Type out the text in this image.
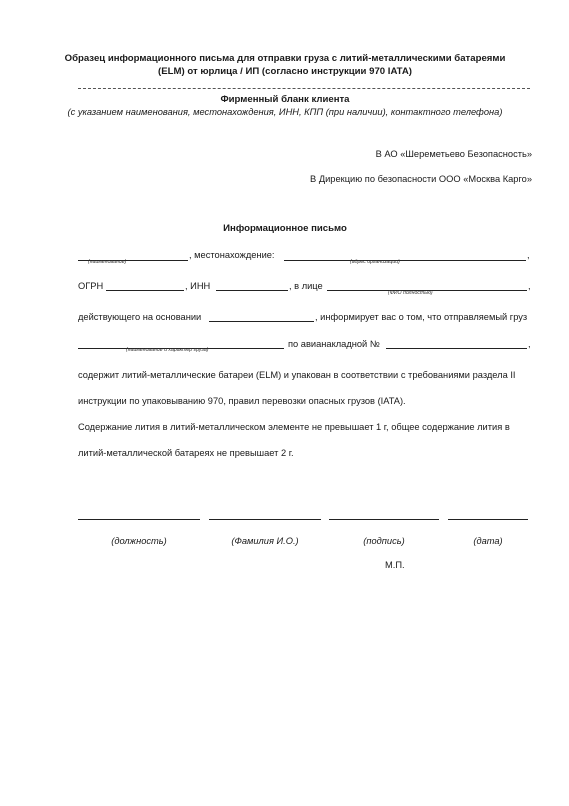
Образец информационного письма для отправки груза с литий-металлическими батареями
(ELM) от юрлица / ИП (согласно инструкции 970 IATA)
Фирменный бланк клиента
(с указанием наименования, местонахождения, ИНН, КПП (при наличии), контактного телефона)
В АО «Шереметьево Безопасность»
В Дирекцию по безопасности ООО «Москва Карго»
Информационное письмо
(наименование)
, местонахождение:
(адрес организации)
,
ОГРН	, ИНН	, в лице
(ФИО полностью)
,
действующего на основании	, информирует вас о том, что отправляемый груз
(наименование и характер груза)
по авианакладной №	,
содержит литий-металлические батареи (ELM) и упакован в соответствии с требованиями раздела II
инструкции по упаковыванию 970, правил перевозки опасных грузов (IATA).
Содержание лития в литий-металлическом элементе не превышает 1 г, общее содержание лития в
литий-металлической батареях не превышает 2 г.
(должность)	(Фамилия И.О.)	(подпись)	(дата)
М.П.
